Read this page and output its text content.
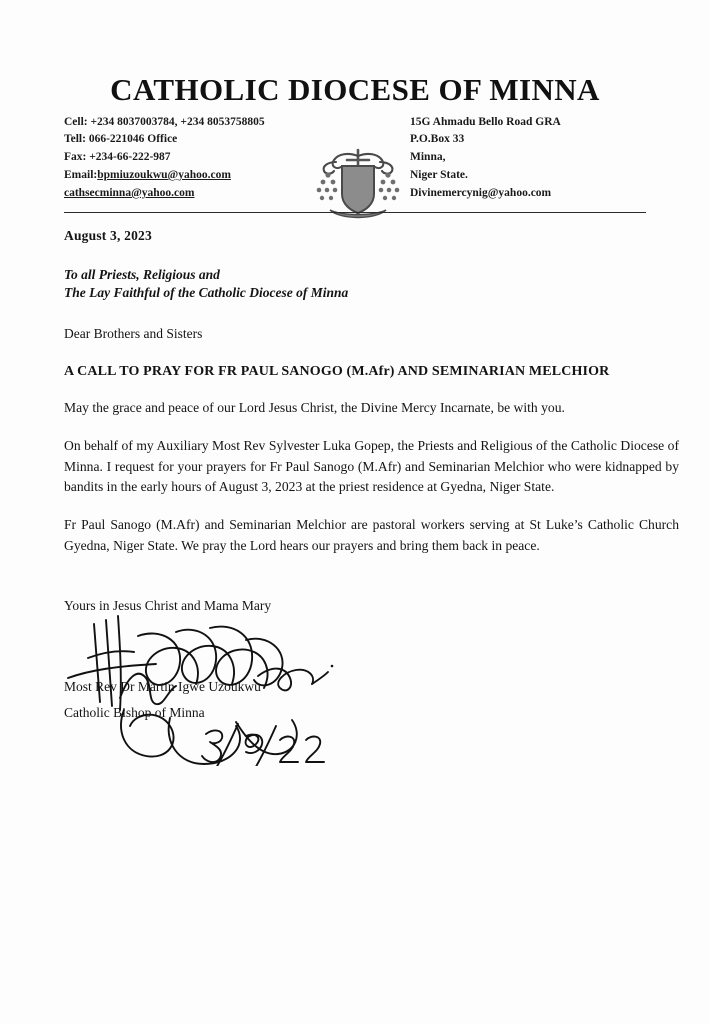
CATHOLIC DIOCESE OF MINNA
Cell: +234 8037003784, +234 8053758805
Tell: 066-221046 Office
Fax: +234-66-222-987
Email:bpmiuzoukwu@yahoo.com
cathsecminna@yahoo.com
15G Ahmadu Bello Road GRA
P.O.Box 33
Minna,
Niger State.
Divinemercynig@yahoo.com
August 3, 2023
To all Priests, Religious and
The Lay Faithful of the Catholic Diocese of Minna
Dear Brothers and Sisters
A CALL TO PRAY FOR FR PAUL SANOGO (M.Afr) AND SEMINARIAN MELCHIOR
May the grace and peace of our Lord Jesus Christ, the Divine Mercy Incarnate, be with you.
On behalf of my Auxiliary Most Rev Sylvester Luka Gopep, the Priests and Religious of the Catholic Diocese of Minna. I request for your prayers for Fr Paul Sanogo (M.Afr) and Seminarian Melchior who were kidnapped by bandits in the early hours of August 3, 2023 at the priest residence at Gyedna, Niger State.
Fr Paul Sanogo (M.Afr) and Seminarian Melchior are pastoral workers serving at St Luke’s Catholic Church Gyedna, Niger State. We pray the Lord hears our prayers and bring them back in peace.
Yours in Jesus Christ and Mama Mary
Most Rev Dr Martin Igwe Uzoukwu
Catholic Bishop of Minna
